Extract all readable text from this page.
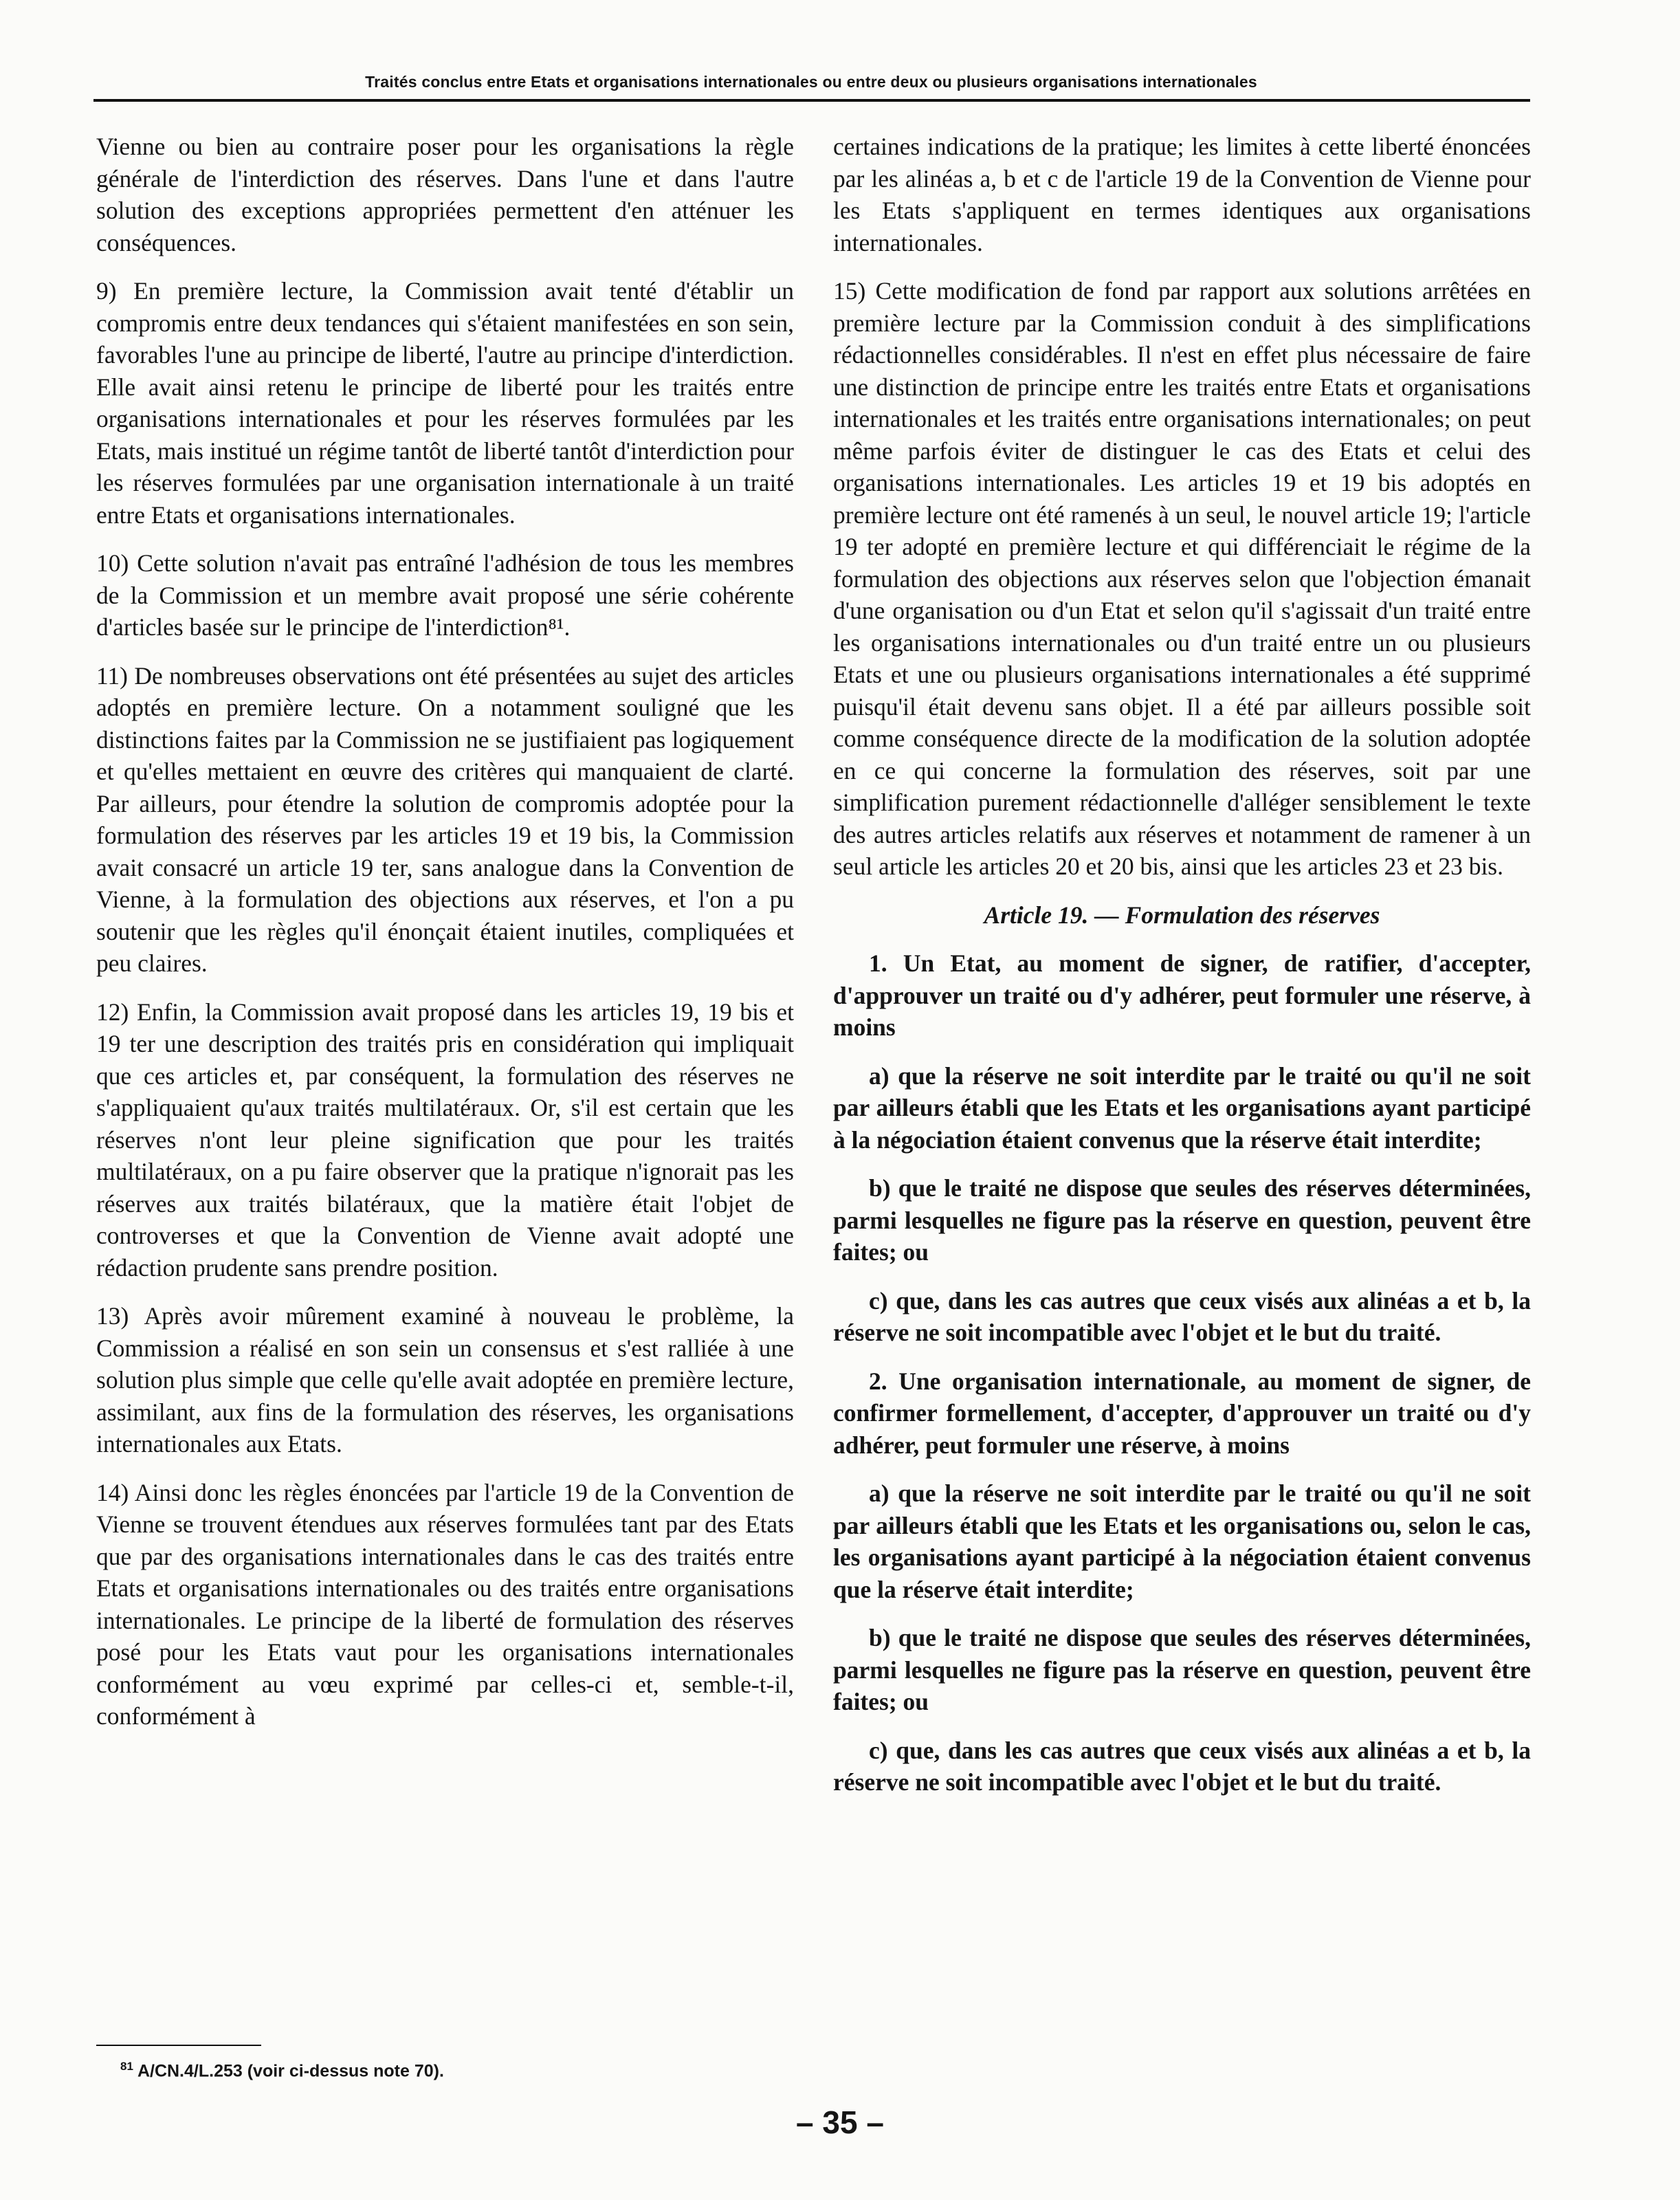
Traités conclus entre Etats et organisations internationales ou entre deux ou plusieurs organisations internationales

Vienne ou bien au contraire poser pour les organisations la règle générale de l'interdiction des réserves. Dans l'une et dans l'autre solution des exceptions appropriées permettent d'en atténuer les conséquences.

9) En première lecture, la Commission avait tenté d'établir un compromis entre deux tendances qui s'étaient manifestées en son sein, favorables l'une au principe de liberté, l'autre au principe d'interdiction. Elle avait ainsi retenu le principe de liberté pour les traités entre organisations internationales et pour les réserves formulées par les Etats, mais institué un régime tantôt de liberté tantôt d'interdiction pour les réserves formulées par une organisation internationale à un traité entre Etats et organisations internationales.

10) Cette solution n'avait pas entraîné l'adhésion de tous les membres de la Commission et un membre avait proposé une série cohérente d'articles basée sur le principe de l'interdiction⁸¹.

11) De nombreuses observations ont été présentées au sujet des articles adoptés en première lecture. On a notamment souligné que les distinctions faites par la Commission ne se justifiaient pas logiquement et qu'elles mettaient en œuvre des critères qui manquaient de clarté. Par ailleurs, pour étendre la solution de compromis adoptée pour la formulation des réserves par les articles 19 et 19 bis, la Commission avait consacré un article 19 ter, sans analogue dans la Convention de Vienne, à la formulation des objections aux réserves, et l'on a pu soutenir que les règles qu'il énonçait étaient inutiles, compliquées et peu claires.

12) Enfin, la Commission avait proposé dans les articles 19, 19 bis et 19 ter une description des traités pris en considération qui impliquait que ces articles et, par conséquent, la formulation des réserves ne s'appliquaient qu'aux traités multilatéraux. Or, s'il est certain que les réserves n'ont leur pleine signification que pour les traités multilatéraux, on a pu faire observer que la pratique n'ignorait pas les réserves aux traités bilatéraux, que la matière était l'objet de controverses et que la Convention de Vienne avait adopté une rédaction prudente sans prendre position.

13) Après avoir mûrement examiné à nouveau le problème, la Commission a réalisé en son sein un consensus et s'est ralliée à une solution plus simple que celle qu'elle avait adoptée en première lecture, assimilant, aux fins de la formulation des réserves, les organisations internationales aux Etats.

14) Ainsi donc les règles énoncées par l'article 19 de la Convention de Vienne se trouvent étendues aux réserves formulées tant par des Etats que par des organisations internationales dans le cas des traités entre Etats et organisations internationales ou des traités entre organisations internationales. Le principe de la liberté de formulation des réserves posé pour les Etats vaut pour les organisations internationales conformément au vœu exprimé par celles-ci et, semble-t-il, conformément à

certaines indications de la pratique; les limites à cette liberté énoncées par les alinéas a, b et c de l'article 19 de la Convention de Vienne pour les Etats s'appliquent en termes identiques aux organisations internationales.

15) Cette modification de fond par rapport aux solutions arrêtées en première lecture par la Commission conduit à des simplifications rédactionnelles considérables. Il n'est en effet plus nécessaire de faire une distinction de principe entre les traités entre Etats et organisations internationales et les traités entre organisations internationales; on peut même parfois éviter de distinguer le cas des Etats et celui des organisations internationales. Les articles 19 et 19 bis adoptés en première lecture ont été ramenés à un seul, le nouvel article 19; l'article 19 ter adopté en première lecture et qui différenciait le régime de la formulation des objections aux réserves selon que l'objection émanait d'une organisation ou d'un Etat et selon qu'il s'agissait d'un traité entre les organisations internationales ou d'un traité entre un ou plusieurs Etats et une ou plusieurs organisations internationales a été supprimé puisqu'il était devenu sans objet. Il a été par ailleurs possible soit comme conséquence directe de la modification de la solution adoptée en ce qui concerne la formulation des réserves, soit par une simplification purement rédactionnelle d'alléger sensiblement le texte des autres articles relatifs aux réserves et notamment de ramener à un seul article les articles 20 et 20 bis, ainsi que les articles 23 et 23 bis.

Article 19. — Formulation des réserves

1. Un Etat, au moment de signer, de ratifier, d'accepter, d'approuver un traité ou d'y adhérer, peut formuler une réserve, à moins

a) que la réserve ne soit interdite par le traité ou qu'il ne soit par ailleurs établi que les Etats et les organisations ayant participé à la négociation étaient convenus que la réserve était interdite;

b) que le traité ne dispose que seules des réserves déterminées, parmi lesquelles ne figure pas la réserve en question, peuvent être faites; ou

c) que, dans les cas autres que ceux visés aux alinéas a et b, la réserve ne soit incompatible avec l'objet et le but du traité.

2. Une organisation internationale, au moment de signer, de confirmer formellement, d'accepter, d'approuver un traité ou d'y adhérer, peut formuler une réserve, à moins

a) que la réserve ne soit interdite par le traité ou qu'il ne soit par ailleurs établi que les Etats et les organisations ou, selon le cas, les organisations ayant participé à la négociation étaient convenus que la réserve était interdite;

b) que le traité ne dispose que seules des réserves déterminées, parmi lesquelles ne figure pas la réserve en question, peuvent être faites; ou

c) que, dans les cas autres que ceux visés aux alinéas a et b, la réserve ne soit incompatible avec l'objet et le but du traité.

$^{81}$ A/CN.4/L.253 (voir ci-dessus note 70).

– 35 –
